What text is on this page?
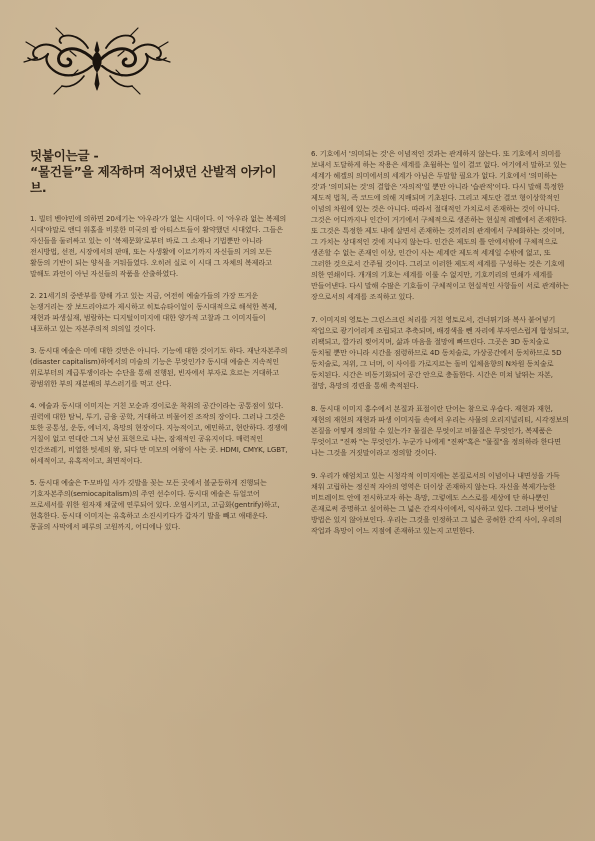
덧붙이는글 -
“물건들”을 제작하며 적어냈던 산발적 아카이브.

1. 빌터 벤야민에 의하면 20세기는 '아우라'가 없는 시대이다. 이 '아우라 없는 복제의 시대'야말로 앤디 워홀을 비롯한 미국의 팝 아티스트들이 활약했던 시대였다. 그들은 자신들을 둘러싸고 있는 이 '복제문화'로부터 바로 그 소재나 기법뿐만 아니라 전시방법, 선전, 시장에서의 판매, 또는 사생활에 이르기까지 자신들의 거의 모든 활동의 기반이 되는 양식을 거둬들였다. 오히려 실로 이 시대 그 자체의 복제라고 말해도 과언이 아닌 자신들의 작품을 산출하였다.

2. 21세기의 중반부를 향해 가고 있는 지금, 여전히 예술가들의 가장 뜨거운 논쟁거리는 장 보드리야르가 제시하고 히토슈타이얼이 동시대적으로 해석한 복제, 재현과 파생실재, 범람하는 디지털이미지에 대한 양가적 고찰과 그 이미지들이 내포하고 있는 자본주의적 의의일 것이다.

3. 동시대 예술은 미에 대한 것만은 아니다. 기능에 대한 것이기도 하다. 재난자본주의(disaster capitalism)하에서의 미술의 기능은 무엇인가? 동시대 예술은 지속적인 위로부터의 계급투쟁이라는 수단을 통해 진행된, 빈자에서 부자로 흐르는 거대하고 광범위한 부의 재분배의 부스러기를 먹고 산다.

4. 예술과 동시대 이미지는 거친 모순과 경이로운 착취의 공간이라는 공통점이 있다. 권력에 대한 탐닉, 투기, 금융 공학, 거대하고 비물어진 조작의 장이다. 그러나 그것은 또한 공통성, 운동, 에너지, 욕망의 현장이다. 지능적이고, 예민하고, 현란하다. 경쟁에 거칠이 없고 연대란 그저 낯선 표현으로 나는, 잠재적인 공유지이다. 매력적인 인간쓰레기, 비열한 텃세의 왕, 되다 만 미모의 여왕이 사는 곳. HDMI, CMYK, LGBT, 허세적이고, 유혹적이고, 최면적이다.

5. 동시대 예술은 T-모바일 사가 깃발을 꽂는 모든 곳에서 볼균등하게 진행되는 기호자본주의(semiocapitalism)의 주연 선수이다. 동시대 예술은 듀얼코어 프로세서를 위한 원자재 채굴에 연루되어 있다. 오염시키고, 고급화(gentrify)하고, 현혹한다. 동시대 이미지는 유혹하고 소진시키다가 갑자기 발을 빼고 애태운다. 몽골의 사막에서 페루의 고원까지, 어디에나 있다.

6. 기호에서 '의미되는 것'은 이념적인 것과는 관계하지 않는다. 또 기호에서 의미를 보내서 도달하게 하는 작용은 세계를 초월하는 일이 결코 없다. 여기에서 말하고 있는 세계가 헤겔의 의미에서의 세계가 아님은 두말할 필요가 없다. 기호에서 '의미하는 것'과 '의미되는 것'의 결합은 '자의적'일 뿐만 아니라 '습관적'이다. 다시 말해 특정한 제도적 법칙, 즉 코드에 의해 지배되며 기초된다. 그리고 제도란 결코 형이상학적인 이념의 차원에 있는 것은 아니다. 따라서 절대적인 가치로서 존재하는 것이 아니다. 그것은 어디까지나 인간이 거기에서 구체적으로 생존하는 현실적 레벨에서 존재한다. 또 그것은 특정한 제도 내에 살면서 존재하는 것끼리의 관계에서 구체화하는 것이며, 그 가치는 상대적인 것에 지나지 않는다. 인간은 제도의 틀 안에서밖에 구체적으로 생존할 수 없는 존재인 이상, 인간이 사는 세계란 제도적 세계일 수밖에 없고, 또 그러한 것으로서 간주될 것이다. 그리고 이러한 제도적 세계를 구성하는 것은 기호에 의한 연쇄이다. 개개의 기호는 세계를 이룰 수 없지만, 기호끼리의 연쇄가 세계를 만들어낸다. 다시 말해 수많은 기호들이 구체적이고 현실적인 사항들이 서로 관계하는 장으로서의 세계를 조직하고 있다.

7. 이미지의 영토는 그린스크린 처리를 거친 영토로서, 건너뛰기와 복사 붙여넣기 작업으로 광기어리게 조립되고 추축되며, 배경색을 뺀 자리에 부자연스럽게 합성되고, 리팩되고, 깔가리 찢어지며, 삶과 마음을 절망에 빠뜨린다. 그곳은 3D 동치술로 동치될 뿐만 아니라 시간을 점령하므로 4D 동치술로, 가상공간에서 동치하므로 5D 동치술로, 저위, 그 너머, 이 사이를 가로지르는 돌비 입체음향의 N차원 동치술로 동치된다. 시간은 비동기화되어 공간 안으로 충돌한다. 시간은 미쳐 날뛰는 자본, 절망, 욕망의 경련을 통해 축적된다.

8. 동시대 이미지 홍수에서 본질과 표절이란 단어는 참으로 우습다. 재현과 재현, 재현의 재현의 재현과 파생 이미지들 속에서 우리는 사물의 오리지널리티, 시각정보의 본질을 어떻게 정의할 수 있는가? 물질은 무엇이고 비물질은 무엇인가, 복제품은 무엇이고 "진짜 "는 무엇인가. 누군가 나에게 "진짜"혹은 "물질"을 정의하라 한다면 나는 그것을 거짓말이라고 정의할 것이다.

9. 우리가 해엄치고 있는 시청각적 이미지에는 본질로서의 이념이나 내면성을 가득 채워 고립하는 정신적 자아의 영역은 더이상 존재하지 않는다. 자신을 복제가능한 비트레이트 안에 전시하고자 하는 욕망, 그렇에도 스스로를 세상에 단 하나뿐인 존재로써 증명하고 싶어하는 그 넓은 간격사이에서, 익사하고 있다. 그러나 벗어날 방법은 있지 않아보인다. 우리는 그것을 인정하고 그 넓은 공허한 간격 사이, 우리의 작업과 욕망이 어느 지점에 존재하고 있는지 고민한다.
